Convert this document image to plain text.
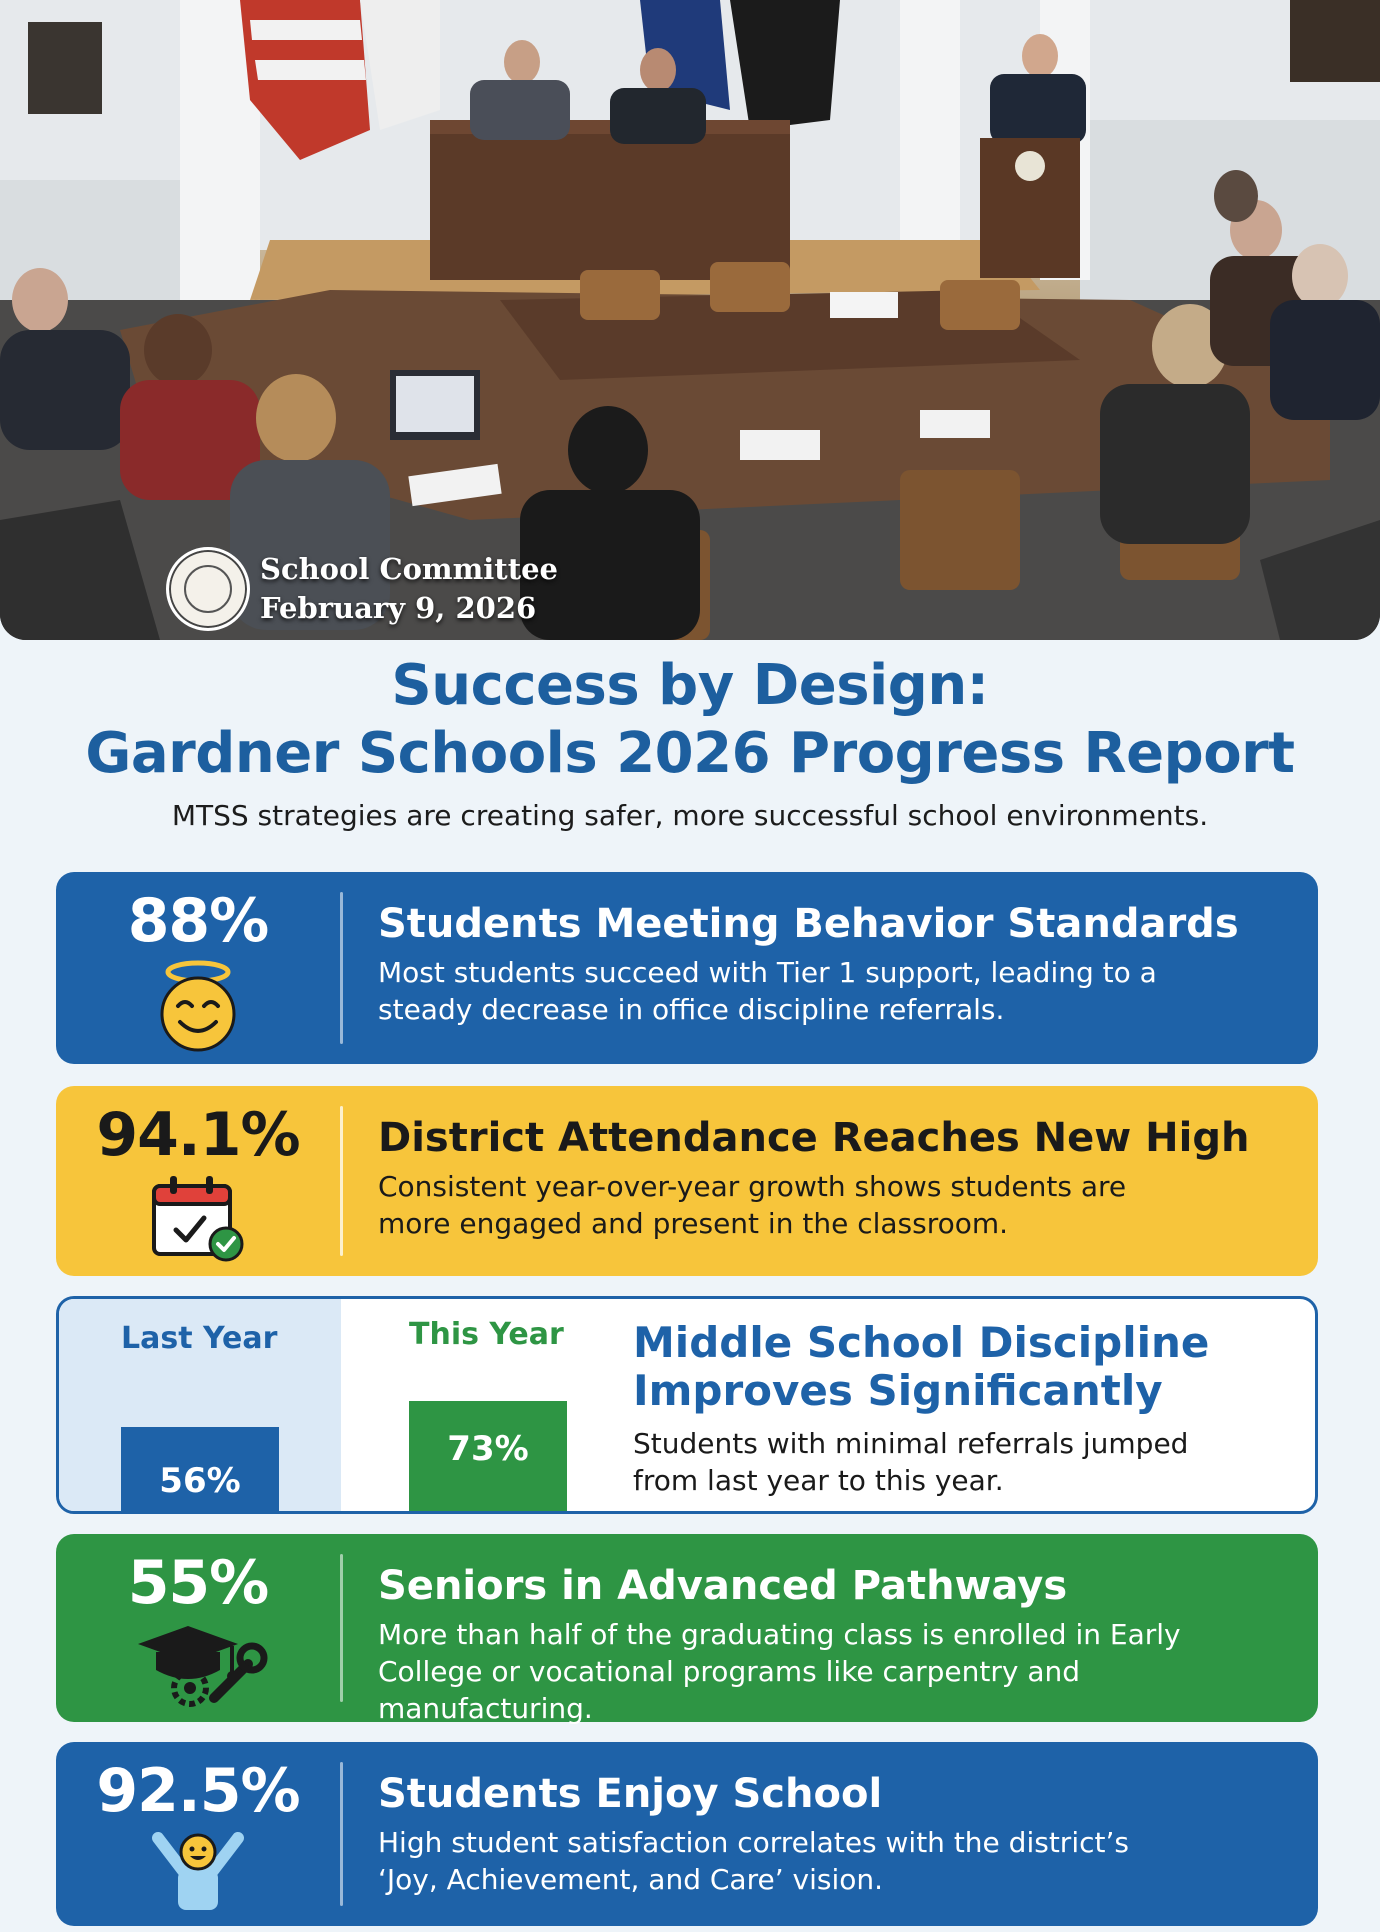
School Committee
February 9, 2026
Success by Design:
Gardner Schools 2026 Progress Report
MTSS strategies are creating safer, more successful school environments.
88%	Students Meeting Behavior Standards
Most students succeed with Tier 1 support, leading to a
steady decrease in office discipline referrals.
94.1%	District Attendance Reaches New High
Consistent year-over-year growth shows students are
more engaged and present in the classroom.
Last Year
56%
This Year
73%
Middle School Discipline
Improves Significantly
Students with minimal referrals jumped
from last year to this year.
55%	Seniors in Advanced Pathways
More than half of the graduating class is enrolled in Early
College or vocational programs like carpentry and manufacturing.
92.5%	Students Enjoy School
High student satisfaction correlates with the district’s
‘Joy, Achievement, and Care’ vision.
